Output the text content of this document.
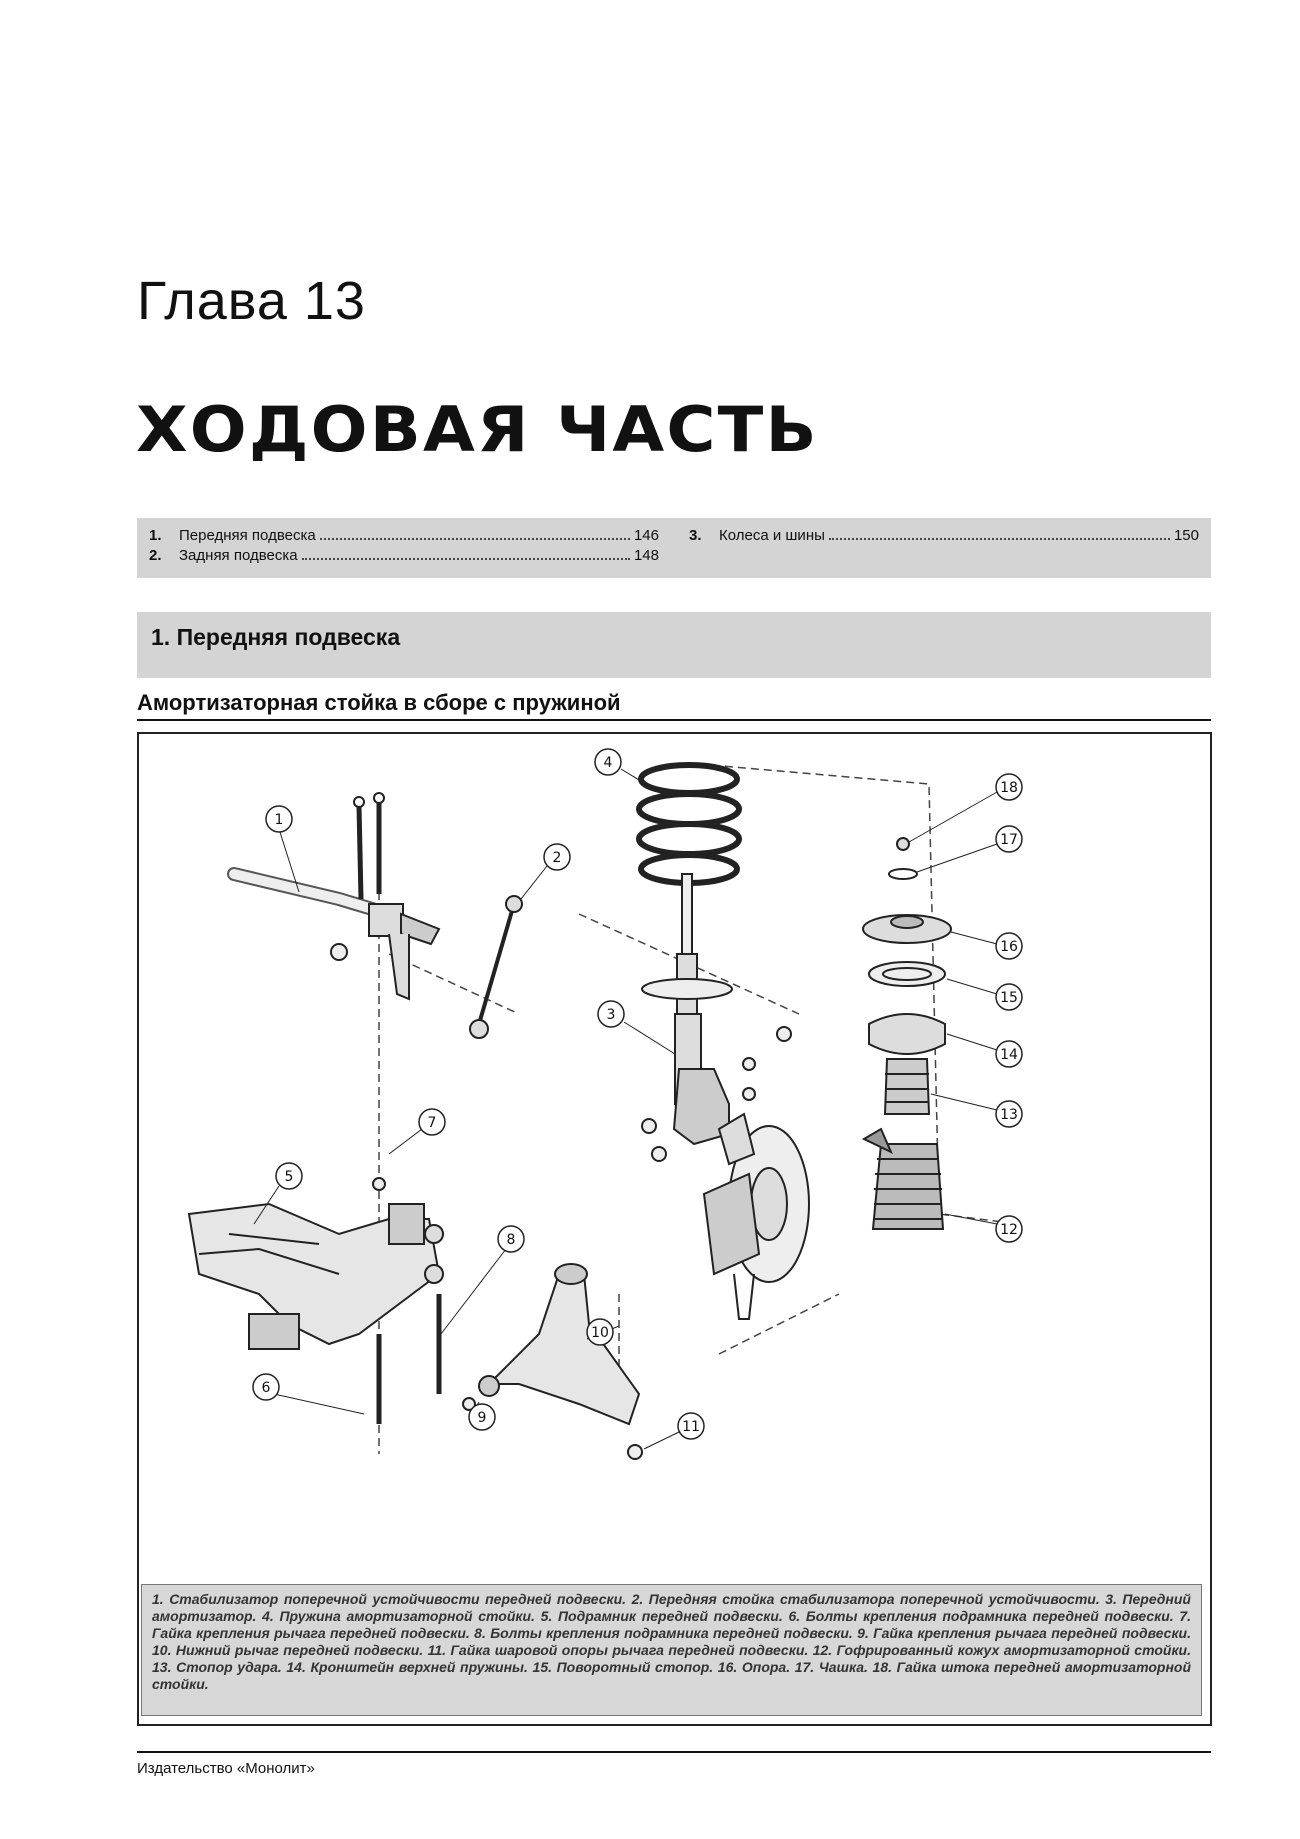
Глава 13
ХОДОВАЯ ЧАСТЬ
1.	Передняя подвеска	146
2.	Задняя подвеска	148
3.	Колеса и шины	150
1. Передняя подвеска
Амортизаторная стойка в сборе с пружиной
1
2
3
4
5
6
7
8
9
10
11
12
13
14
15
16
17
18
1. Стабилизатор поперечной устойчивости передней подвески. 2. Передняя стойка стабилизатора поперечной устойчивости. 3. Передний амортизатор. 4. Пружина амортизаторной стойки. 5. Подрамник передней подвески. 6. Болты крепления подрамника передней подвески. 7. Гайка крепления рычага передней подвески. 8. Болты крепления подрамника передней подвески. 9. Гайка крепления рычага передней подвески. 10. Нижний рычаг передней подвески. 11. Гайка шаровой опоры рычага передней подвески. 12. Гофрированный кожух амортизаторной стойки. 13. Стопор удара. 14. Кронштейн верхней пружины. 15. Поворотный стопор. 16. Опора. 17. Чашка. 18. Гайка штока передней амортизаторной стойки.
Издательство «Монолит»
